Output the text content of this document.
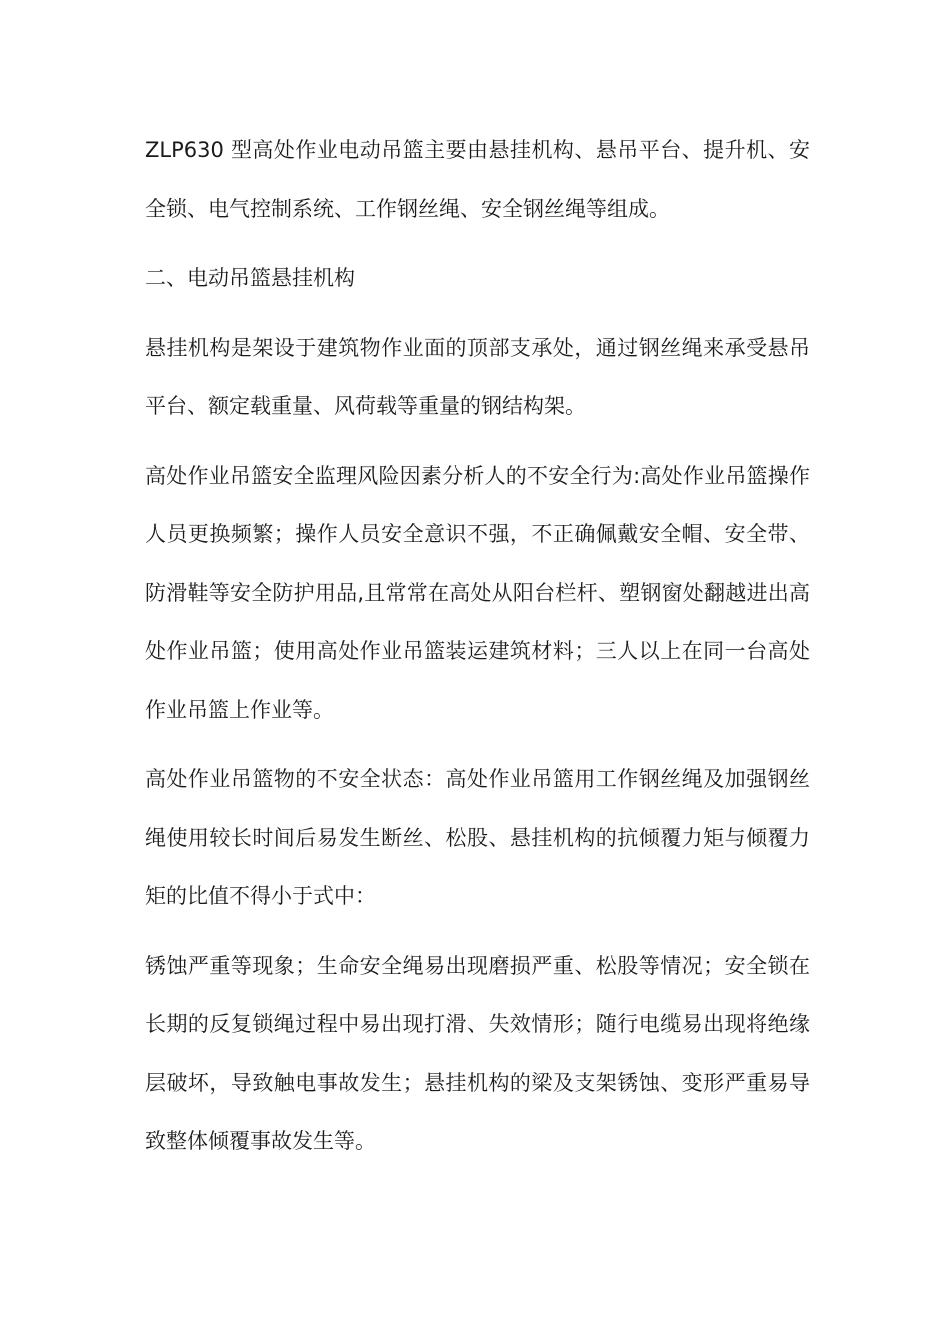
ZLP630 型高处作业电动吊篮主要由悬挂机构、悬吊平台、提升机、安全锁、电气控制系统、工作钢丝绳、安全钢丝绳等组成。

二、电动吊篮悬挂机构

悬挂机构是架设于建筑物作业面的顶部支承处，通过钢丝绳来承受悬吊平台、额定载重量、风荷载等重量的钢结构架。

高处作业吊篮安全监理风险因素分析人的不安全行为:高处作业吊篮操作人员更换频繁；操作人员安全意识不强，不正确佩戴安全帽、安全带、防滑鞋等安全防护用品,且常常在高处从阳台栏杆、塑钢窗处翻越进出高处作业吊篮；使用高处作业吊篮装运建筑材料；三人以上在同一台高处作业吊篮上作业等。

高处作业吊篮物的不安全状态：高处作业吊篮用工作钢丝绳及加强钢丝绳使用较长时间后易发生断丝、松股、悬挂机构的抗倾覆力矩与倾覆力矩的比值不得小于式中：

锈蚀严重等现象；生命安全绳易出现磨损严重、松股等情况；安全锁在长期的反复锁绳过程中易出现打滑、失效情形；随行电缆易出现将绝缘层破坏，导致触电事故发生；悬挂机构的梁及支架锈蚀、变形严重易导致整体倾覆事故发生等。
